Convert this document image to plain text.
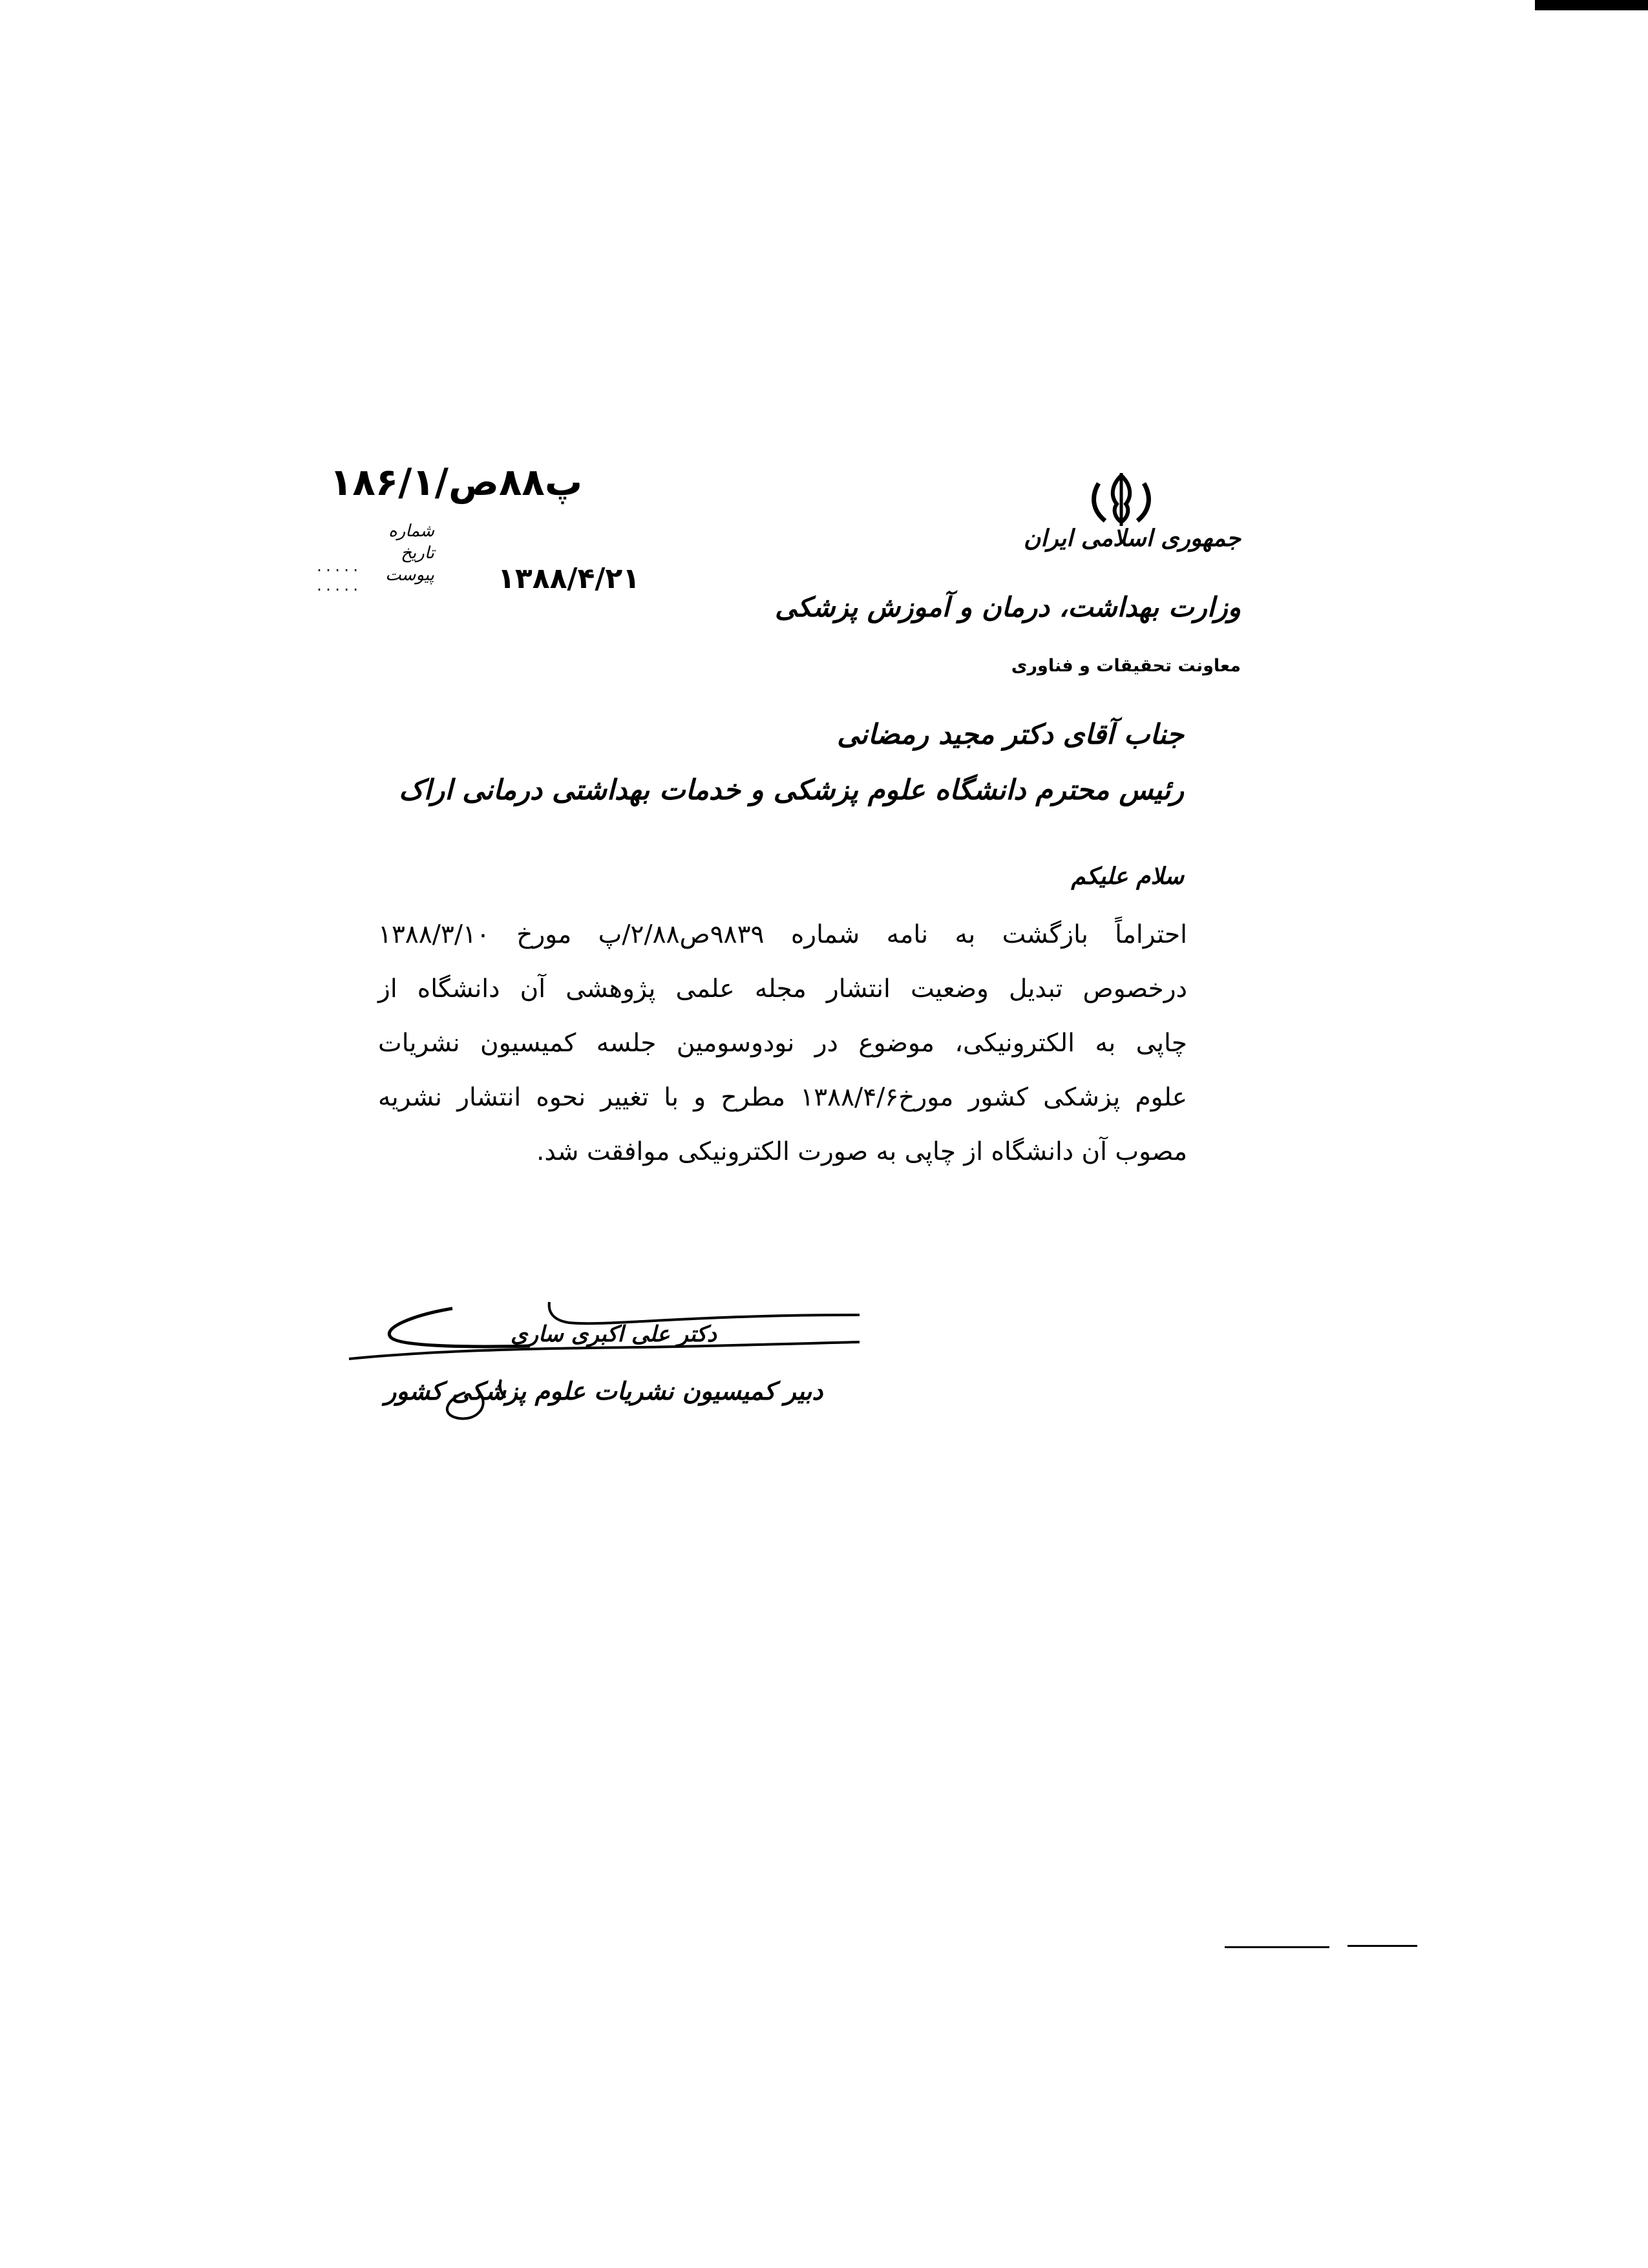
جمهوری اسلامی ایران
وزارت بهداشت، درمان و آموزش پزشکی
معاونت تحقیقات و فناوری
۱۸۶/۱/پ۸۸ص
شماره
تاریخ
پیوست
.....
.....	۱۳۸۸/۴/۲۱
جناب آقای دکتر مجید رمضانی
رئیس محترم دانشگاه علوم پزشکی و خدمات بهداشتی درمانی اراک
سلام علیکم
احتراماً بازگشت به نامه شماره ۹۸۳۹ص۲/۸۸/پ مورخ ۱۳۸۸/۳/۱۰
درخصوص تبدیل وضعیت انتشار مجله علمی پژوهشی آن دانشگاه از
چاپی به الکترونیکی، موضوع در نودوسومین جلسه کمیسیون نشریات
علوم پزشکی کشور مورخ۱۳۸۸/۴/۶ مطرح و با تغییر نحوه انتشار نشریه
مصوب آن دانشگاه از چاپی به صورت الکترونیکی موافقت شد.
دکتر علی اکبری ساری
دبیر کمیسیون نشریات علوم پزشکی کشور
